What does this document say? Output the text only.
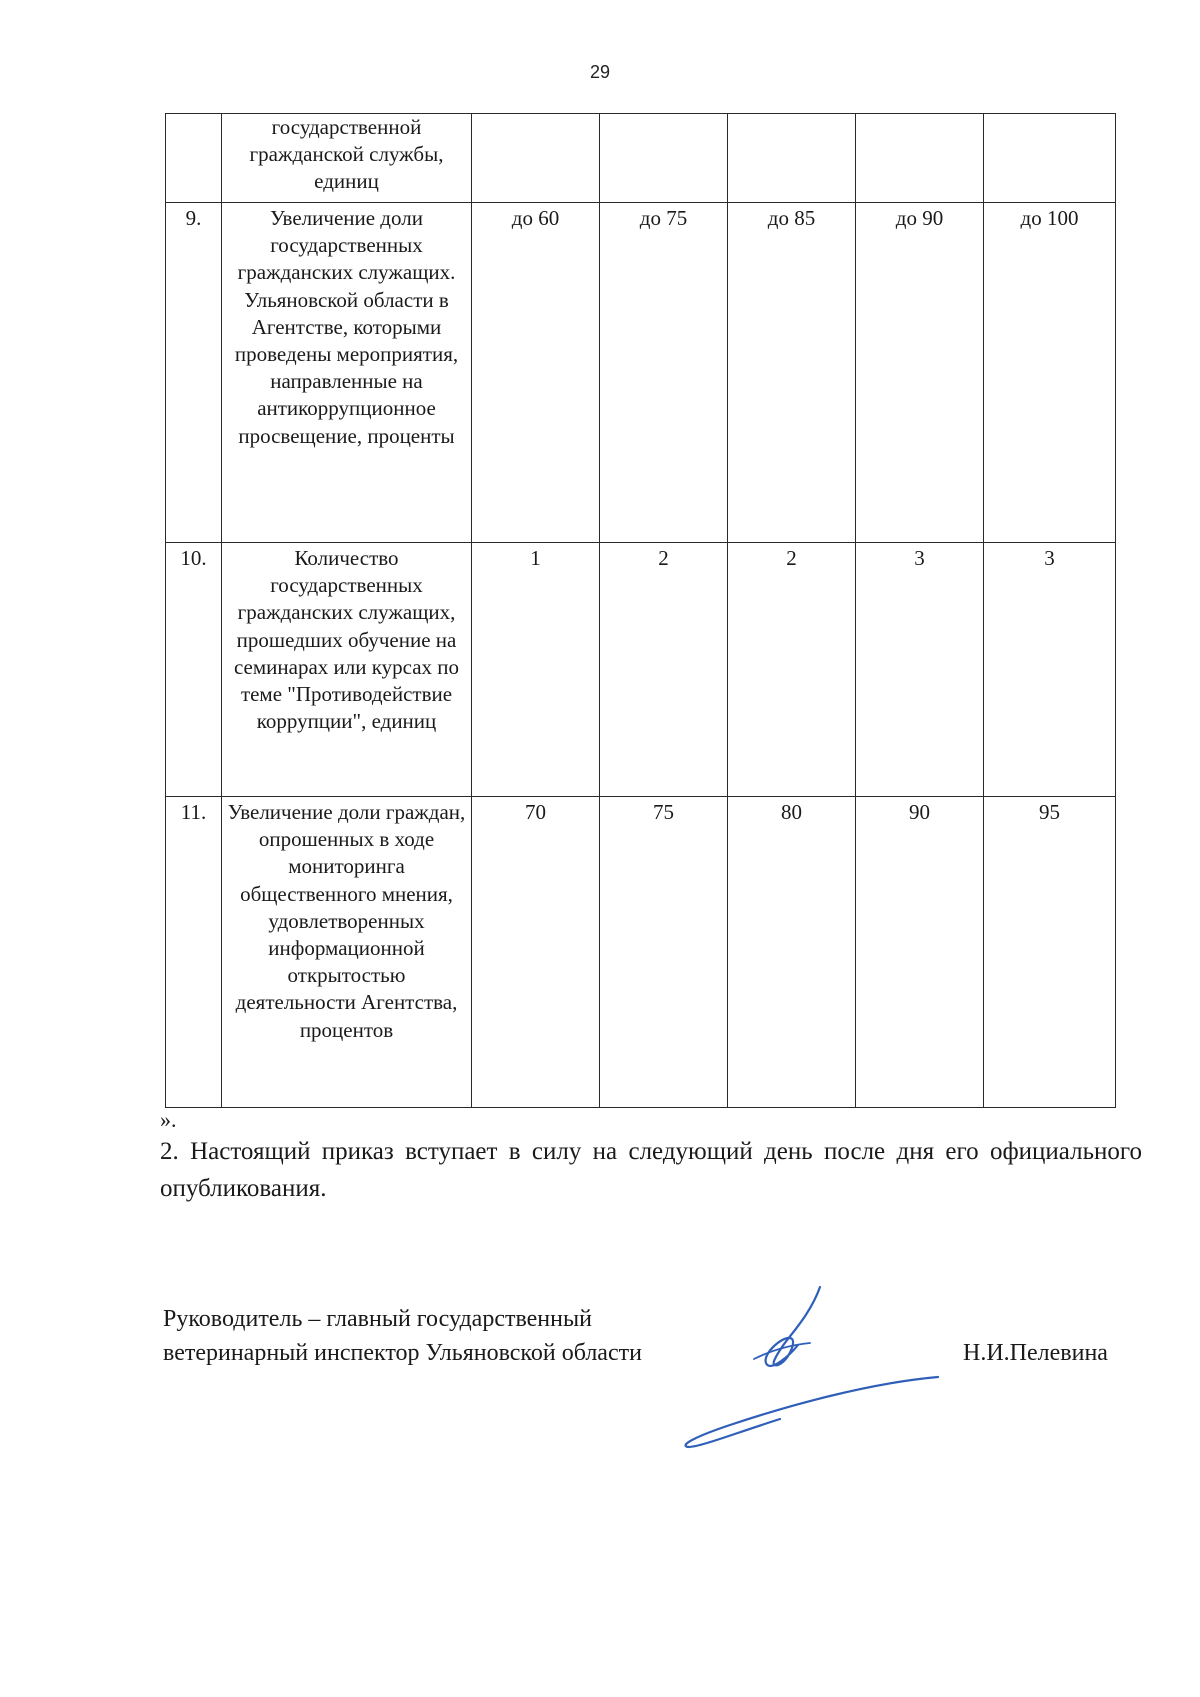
29
	государственной гражданской службы, единиц					
9.	Увеличение доли государственных гражданских служащих. Ульяновской области в Агентстве, которыми проведены мероприятия, направленные на антикоррупционное просвещение, проценты	до 60	до 75	до 85	до 90	до 100
10.	Количество государственных гражданских служащих, прошедших обучение на семинарах или курсах по теме "Противодействие коррупции", единиц	1	2	2	3	3
11.	Увеличение доли граждан, опрошенных в ходе мониторинга общественного мнения, удовлетворенных информационной открытостью деятельности Агентства, процентов	70	75	80	90	95
».
2. Настоящий приказ вступает в силу на следующий день после дня его официального опубликования.
Руководитель – главный государственный
ветеринарный инспектор Ульяновской области	Н.И.Пелевина
